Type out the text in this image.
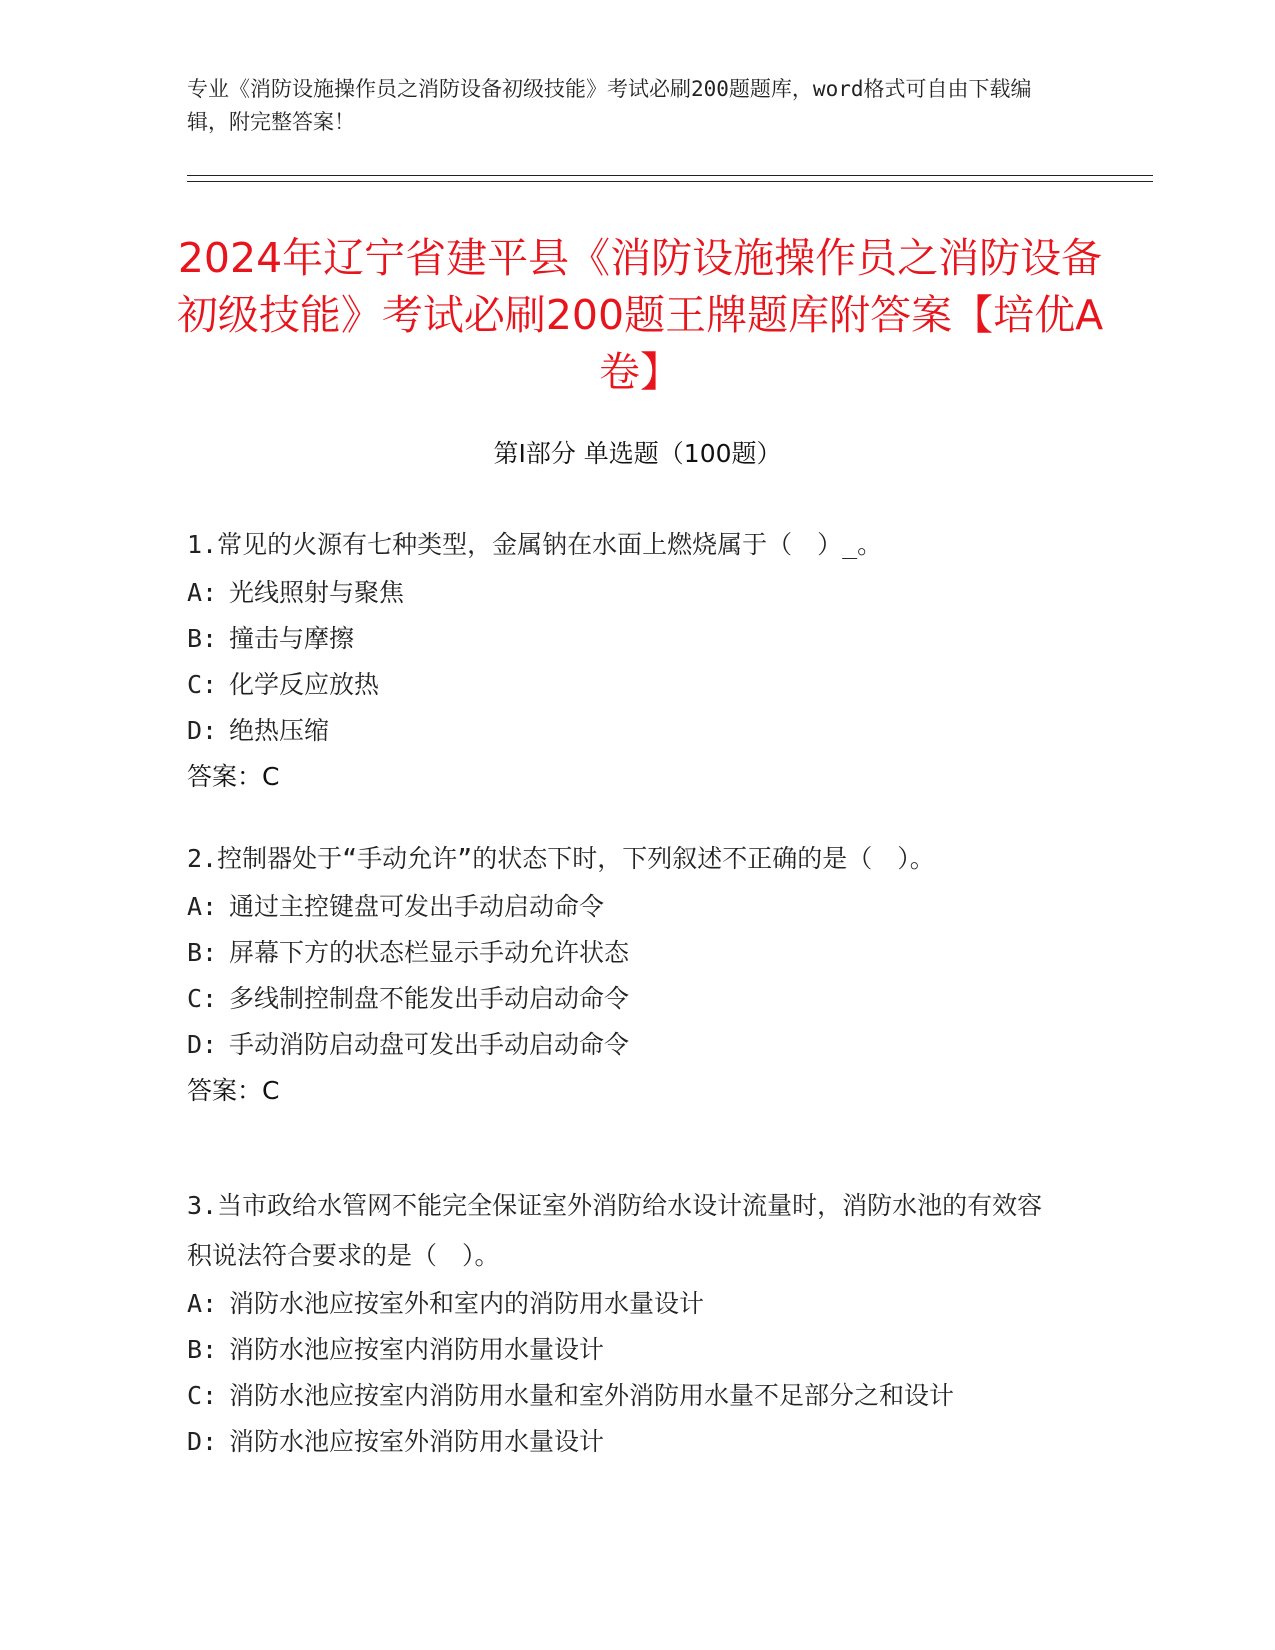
专业《消防设施操作员之消防设备初级技能》考试必刷200题题库，word格式可自由下载编辑，附完整答案！
2024年辽宁省建平县《消防设施操作员之消防设备初级技能》考试必刷200题王牌题库附答案【培优A卷】
第I部分 单选题（100题）

1.常见的火源有七种类型，金属钠在水面上燃烧属于（　）_。

A: 光线照射与聚焦
B: 撞击与摩擦
C: 化学反应放热
D: 绝热压缩
答案：C

2.控制器处于“手动允许”的状态下时，下列叙述不正确的是（　）。

A: 通过主控键盘可发出手动启动命令
B: 屏幕下方的状态栏显示手动允许状态
C: 多线制控制盘不能发出手动启动命令
D: 手动消防启动盘可发出手动启动命令
答案：C

3.当市政给水管网不能完全保证室外消防给水设计流量时，消防水池的有效容积说法符合要求的是（　）。

A: 消防水池应按室外和室内的消防用水量设计
B: 消防水池应按室内消防用水量设计
C: 消防水池应按室内消防用水量和室外消防用水量不足部分之和设计
D: 消防水池应按室外消防用水量设计
